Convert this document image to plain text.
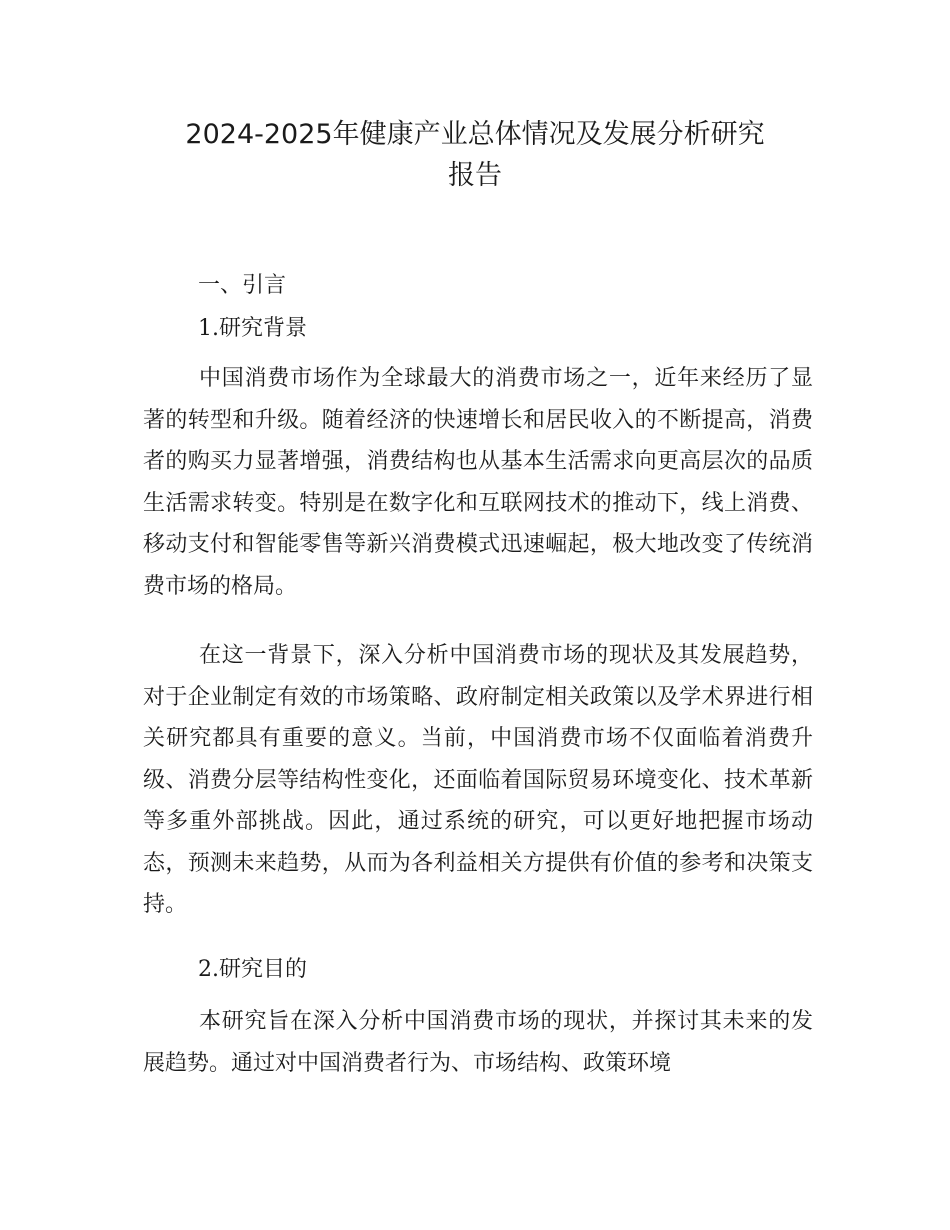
2024-2025年健康产业总体情况及发展分析研究
报告
一、引言
1.研究背景

中国消费市场作为全球最大的消费市场之一，近年来经历了显著的转型和升级。随着经济的快速增长和居民收入的不断提高，消费者的购买力显著增强，消费结构也从基本生活需求向更高层次的品质生活需求转变。特别是在数字化和互联网技术的推动下，线上消费、移动支付和智能零售等新兴消费模式迅速崛起，极大地改变了传统消费市场的格局。

在这一背景下，深入分析中国消费市场的现状及其发展趋势，对于企业制定有效的市场策略、政府制定相关政策以及学术界进行相关研究都具有重要的意义。当前，中国消费市场不仅面临着消费升级、消费分层等结构性变化，还面临着国际贸易环境变化、技术革新等多重外部挑战。因此，通过系统的研究，可以更好地把握市场动态，预测未来趋势，从而为各利益相关方提供有价值的参考和决策支持。

2.研究目的

本研究旨在深入分析中国消费市场的现状，并探讨其未来的发展趋势。通过对中国消费者行为、市场结构、政策环境
